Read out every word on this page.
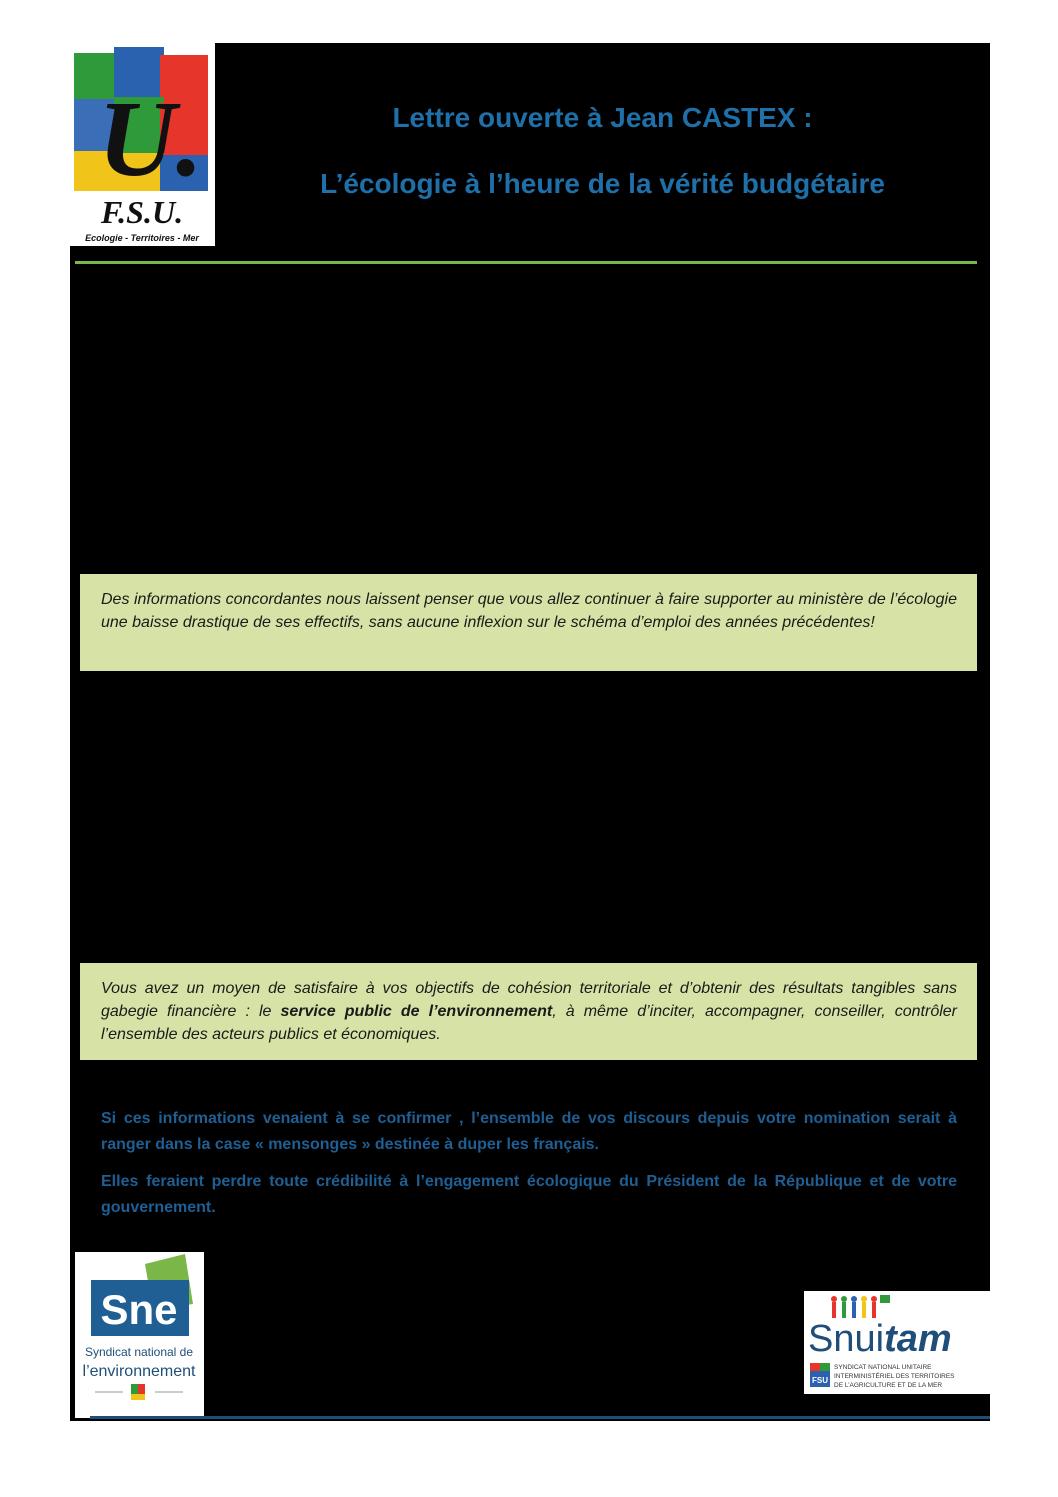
U.
F.S.U.
Ecologie - Territoires - Mer
Lettre ouverte à Jean CASTEX :
L’écologie à l’heure de la vérité budgétaire
Des informations concordantes nous laissent penser que vous allez continuer à faire supporter au ministère de l’écologie une baisse drastique de ses effectifs, sans aucune inflexion sur le schéma d’emploi des années précédentes!
Vous avez un moyen de satisfaire à vos objectifs de cohésion territoriale et d’obtenir des résultats tangibles sans gabegie financière : le service public de l’environnement, à même d’inciter, accompagner, conseiller, contrôler l’ensemble des acteurs publics et économiques.
Si ces informations venaient à se confirmer , l’ensemble de vos discours depuis votre nomination serait à ranger dans la case « mensonges » destinée à duper les français.
Elles feraient perdre toute crédibilité à l’engagement écologique du Président de la République et de votre gouvernement.
Sne
Syndicat national de
l’environnement
Snuitam
FSU
SYNDICAT NATIONAL UNITAIRE
INTERMINISTÉRIEL DES TERRITOIRES
DE L’AGRICULTURE ET DE LA MER
